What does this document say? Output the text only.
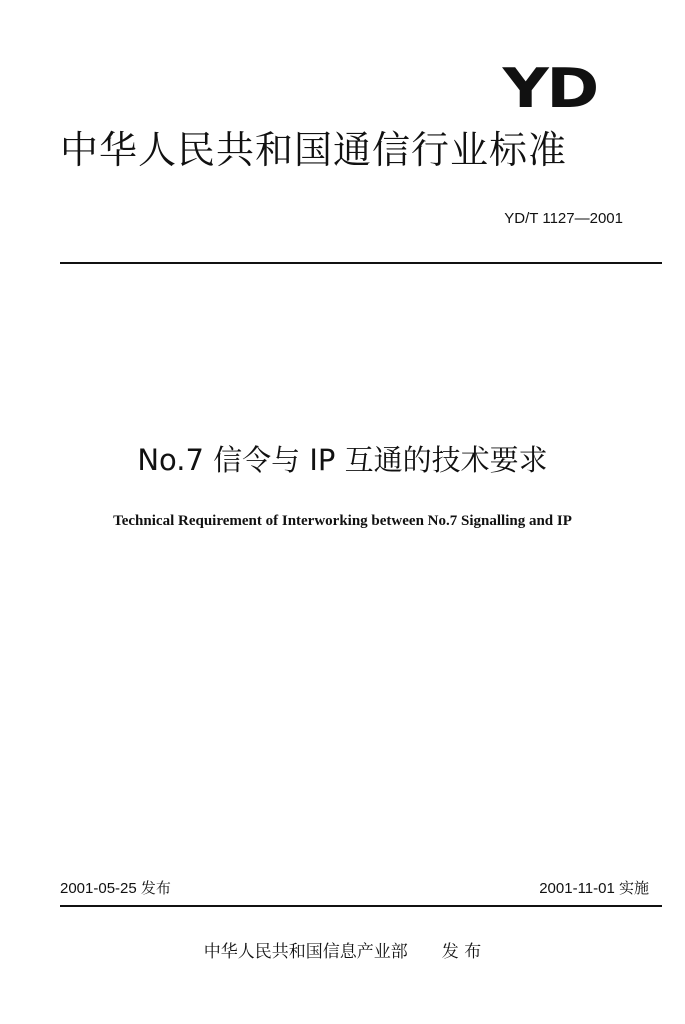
YD
中华人民共和国通信行业标准
YD/T 1127—2001
No.7 信令与 IP 互通的技术要求
Technical Requirement of Interworking between No.7 Signalling and IP
2001-05-25 发布	2001-11-01 实施
中华人民共和国信息产业部 发 布
